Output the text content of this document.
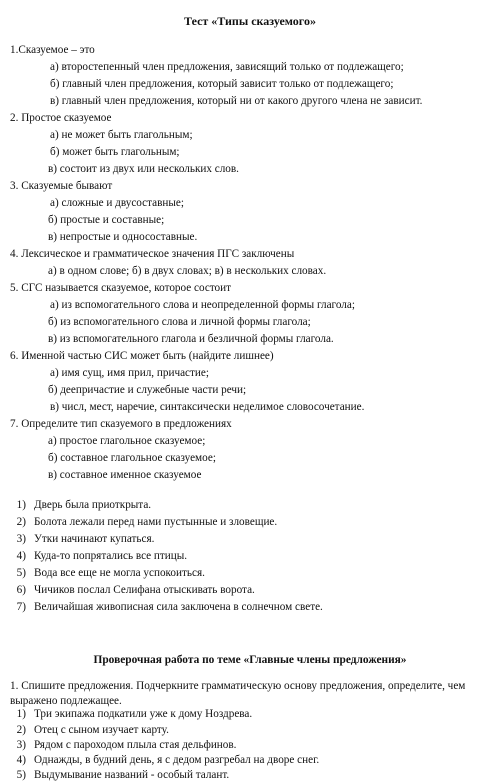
Тест «Типы сказуемого»
1.Сказуемое – это
а) второстепенный член предложения, зависящий только от подлежащего;
б) главный член предложения, который зависит только от подлежащего;
в) главный член предложения, который ни от какого другого члена не зависит.
2. Простое сказуемое
а) не может быть глагольным;
б) может быть глагольным;
в) состоит из двух или нескольких слов.
3. Сказуемые бывают
а) сложные и двусоставные;
б) простые и составные;
в) непростые и односоставные.
4. Лексическое и грамматическое значения ПГС заключены
а) в одном слове; б) в двух словах; в) в нескольких словах.
5. СГС называется сказуемое, которое состоит
а) из вспомогательного слова и неопределенной формы глагола;
б) из вспомогательного слова и личной формы глагола;
в) из вспомогательного глагола и безличной формы глагола.
6. Именной частью СИС может быть (найдите лишнее)
а) имя сущ, имя прил, причастие;
б) деепричастие и служебные части речи;
в) числ, мест, наречие, синтаксически неделимое словосочетание.
7. Определите тип сказуемого в предложениях
а) простое глагольное сказуемое;
б) составное глагольное сказуемое;
в) составное именное сказуемое
1) Дверь была приоткрыта.
2) Болота лежали перед нами пустынные и зловещие.
3) Утки начинают купаться.
4) Куда-то попрятались все птицы.
5) Вода все еще не могла успокоиться.
6) Чичиков послал Селифана отыскивать ворота.
7) Величайшая живописная сила заключена в солнечном свете.
Проверочная работа по теме «Главные члены предложения»
1. Спишите предложения. Подчеркните грамматическую основу предложения, определите, чем
выражено подлежащее.
1) Три экипажа подкатили уже к дому Ноздрева.
2) Отец с сыном изучает карту.
3) Рядом с пароходом плыла стая дельфинов.
4) Однажды, в будний день, я с дедом разгребал на дворе снег.
5) Выдумывание названий - особый талант.
